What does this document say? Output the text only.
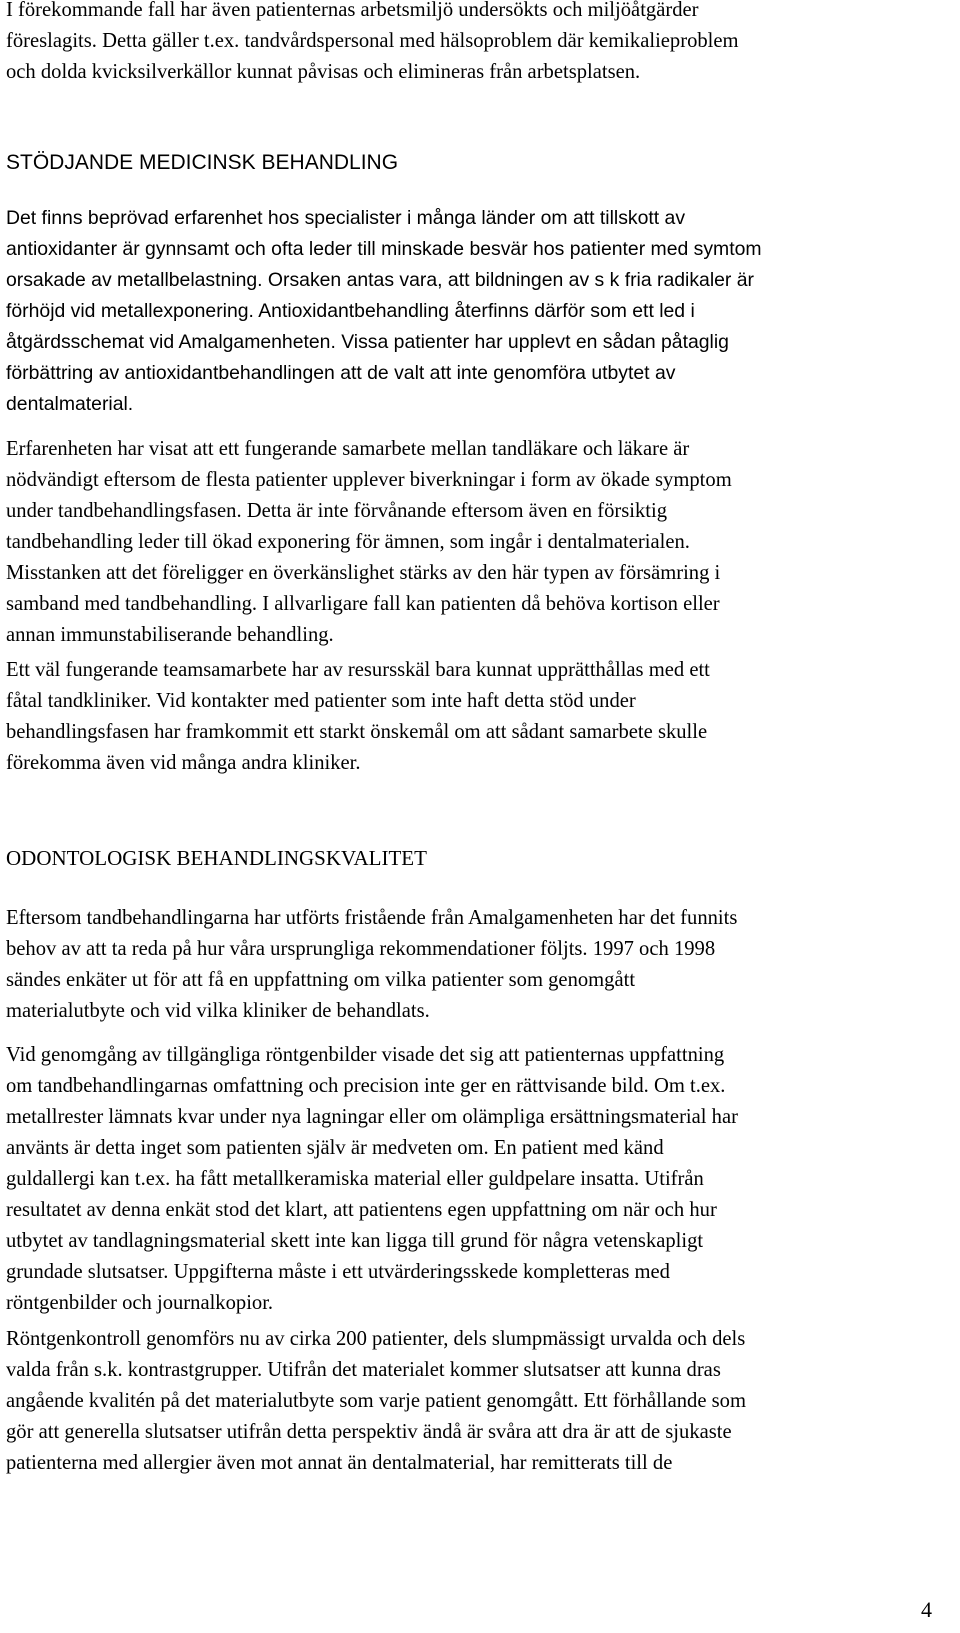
I förekommande fall har även patienternas arbetsmiljö undersökts och miljöåtgärder
föreslagits. Detta gäller t.ex. tandvårdspersonal med hälsoproblem där kemikalieproblem
och dolda kvicksilverkällor kunnat påvisas och elimineras från arbetsplatsen.

STÖDJANDE MEDICINSK BEHANDLING

Det finns beprövad erfarenhet hos specialister i många länder om att tillskott av
antioxidanter är gynnsamt och ofta leder till minskade besvär hos patienter med symtom
orsakade av metallbelastning. Orsaken antas vara, att bildningen av s k fria radikaler är
förhöjd vid metallexponering. Antioxidantbehandling återfinns därför som ett led i
åtgärdsschemat vid Amalgamenheten. Vissa patienter har upplevt en sådan påtaglig
förbättring av antioxidantbehandlingen att de valt att inte genomföra utbytet av
dentalmaterial.

Erfarenheten har visat att ett fungerande samarbete mellan tandläkare och läkare är
nödvändigt eftersom de flesta patienter upplever biverkningar i form av ökade symptom
under tandbehandlingsfasen. Detta är inte förvånande eftersom även en försiktig
tandbehandling leder till ökad exponering för ämnen, som ingår i dentalmaterialen.
Misstanken att det föreligger en överkänslighet stärks av den här typen av försämring i
samband med tandbehandling. I allvarligare fall kan patienten då behöva kortison eller
annan immunstabiliserande behandling.

Ett väl fungerande teamsamarbete har av resursskäl bara kunnat upprätthållas med ett
fåtal tandkliniker. Vid kontakter med patienter som inte haft detta stöd under
behandlingsfasen har framkommit ett starkt önskemål om att sådant samarbete skulle
förekomma även vid många andra kliniker.

ODONTOLOGISK BEHANDLINGSKVALITET

Eftersom tandbehandlingarna har utförts fristående från Amalgamenheten har det funnits
behov av att ta reda på hur våra ursprungliga rekommendationer följts. 1997 och 1998
sändes enkäter ut för att få en uppfattning om vilka patienter som genomgått
materialutbyte och vid vilka kliniker de behandlats.

Vid genomgång av tillgängliga röntgenbilder visade det sig att patienternas uppfattning
om tandbehandlingarnas omfattning och precision inte ger en rättvisande bild. Om t.ex.
metallrester lämnats kvar under nya lagningar eller om olämpliga ersättningsmaterial har
använts är detta inget som patienten själv är medveten om. En patient med känd
guldallergi kan t.ex. ha fått metallkeramiska material eller guldpelare insatta. Utifrån
resultatet av denna enkät stod det klart, att patientens egen uppfattning om när och hur
utbytet av tandlagningsmaterial skett inte kan ligga till grund för några vetenskapligt
grundade slutsatser. Uppgifterna måste i ett utvärderingsskede kompletteras med
röntgenbilder och journalkopior.

Röntgenkontroll genomförs nu av cirka 200 patienter, dels slumpmässigt urvalda och dels
valda från s.k. kontrastgrupper. Utifrån det materialet kommer slutsatser att kunna dras
angående kvalitén på det materialutbyte som varje patient genomgått. Ett förhållande som
gör att generella slutsatser utifrån detta perspektiv ändå är svåra att dra är att de sjukaste
patienterna med allergier även mot annat än dentalmaterial, har remitterats till de

4
